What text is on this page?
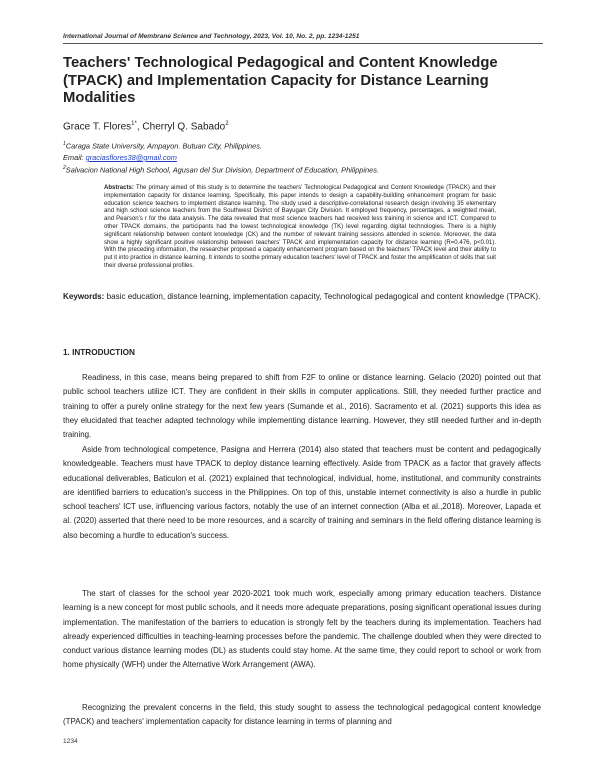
International Journal of Membrane Science and Technology, 2023, Vol. 10, No. 2, pp. 1234-1251
Teachers' Technological Pedagogical and Content Knowledge (TPACK) and Implementation Capacity for Distance Learning Modalities
Grace T. Flores$^{1*}$, Cherryl Q. Sabado$^2$
$^1$Caraga State University, Ampayon. Butuan City, Philippines.
Email: graciasflores38@gmail.com
$^2$Salvacion National High School, Agusan del Sur Division, Department of Education, Philippines.
Abstracts: The primary aimed of this study is to determine the teachers' Technological Pedagogical and Content Knowledge (TPACK) and their implementation capacity for distance learning. Specifically, this paper intends to design a capability-building enhancement program for basic education science teachers to implement distance learning. The study used a descriptive-correlational research design involving 35 elementary and high school science teachers from the Southwest District of Bayugan City Division. It employed frequency, percentages, a weighted mean, and Pearson's r for the data analysis. The data revealed that most science teachers had received less training in science and ICT. Compared to other TPACK domains, the participants had the lowest technological knowledge (TK) level regarding digital technologies. There is a highly significant relationship between content knowledge (CK) and the number of relevant training sessions attended in science. Moreover, the data show a highly significant positive relationship between teachers' TPACK and implementation capacity for distance learning (R=0.476, p<0.01). With the preceding information, the researcher proposed a capacity enhancement program based on the teachers' TPACK level and their ability to put it into practice in distance learning. It intends to soothe primary education teachers' level of TPACK and foster the amplification of skills that suit their diverse professional profiles.
Keywords: basic education, distance learning, implementation capacity, Technological pedagogical and content knowledge (TPACK).
1. INTRODUCTION
Readiness, in this case, means being prepared to shift from F2F to online or distance learning. Gelacio (2020) pointed out that public school teachers utilize ICT. They are confident in their skills in computer applications. Still, they needed further practice and training to offer a purely online strategy for the next few years (Sumande et al., 2016). Sacramento et al. (2021) supports this idea as they elucidated that teacher adapted technology while implementing distance learning. However, they still needed further and in-depth training.
Aside from technological competence, Pasigna and Herrera (2014) also stated that teachers must be content and pedagogically knowledgeable. Teachers must have TPACK to deploy distance learning effectively. Aside from TPACK as a factor that gravely affects educational deliverables, Baticulon et al. (2021) explained that technological, individual, home, institutional, and community constraints are identified barriers to education's success in the Philippines. On top of this, unstable internet connectivity is also a hurdle in public school teachers' ICT use, influencing various factors, notably the use of an internet connection (Alba et al.,2018). Moreover, Lapada et al. (2020) asserted that there need to be more resources, and a scarcity of training and seminars in the field offering distance learning is also becoming a hurdle to education's success.
The start of classes for the school year 2020-2021 took much work, especially among primary education teachers. Distance learning is a new concept for most public schools, and it needs more adequate preparations, posing significant operational issues during implementation. The manifestation of the barriers to education is strongly felt by the teachers during its implementation. Teachers had already experienced difficulties in teaching-learning processes before the pandemic. The challenge doubled when they were directed to conduct various distance learning modes (DL) as students could stay home. At the same time, they could report to school or work from home physically (WFH) under the Alternative Work Arrangement (AWA).
Recognizing the prevalent concerns in the field, this study sought to assess the technological pedagogical content knowledge (TPACK) and teachers' implementation capacity for distance learning in terms of planning and
1234
